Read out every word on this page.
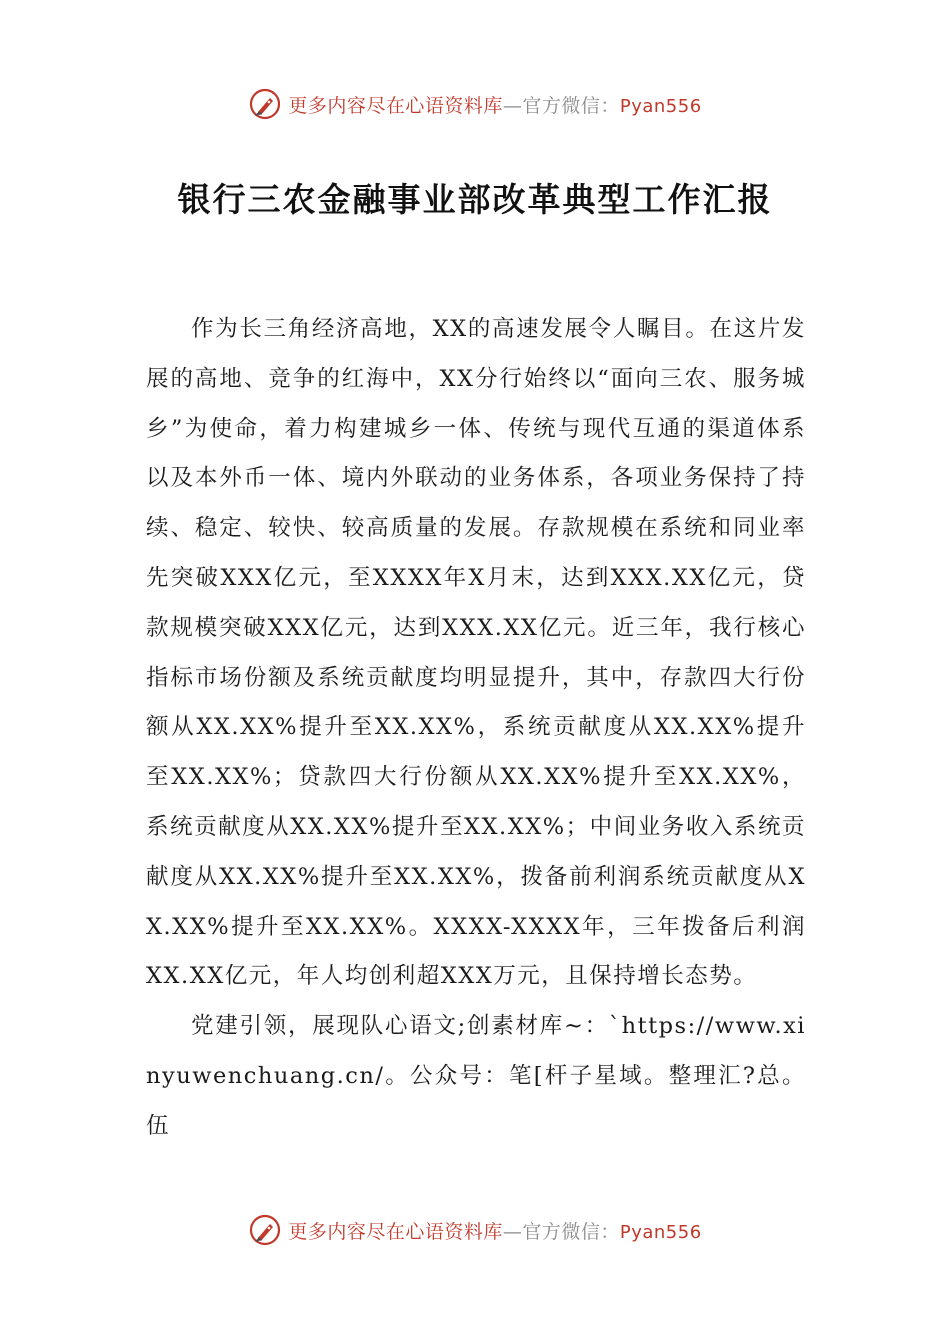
更多内容尽在心语资料库—官方微信：Pyan556
银行三农金融事业部改革典型工作汇报

作为长三角经济高地，XX的高速发展令人瞩目。在这片发展的高地、竞争的红海中，XX分行始终以“面向三农、服务城乡”为使命，着力构建城乡一体、传统与现代互通的渠道体系以及本外币一体、境内外联动的业务体系，各项业务保持了持续、稳定、较快、较高质量的发展。存款规模在系统和同业率先突破XXX亿元，至XXXX年X月末，达到XXX.XX亿元，贷款规模突破XXX亿元，达到XXX.XX亿元。近三年，我行核心指标市场份额及系统贡献度均明显提升，其中，存款四大行份额从XX.XX%提升至XX.XX%，系统贡献度从XX.XX%提升至XX.XX%；贷款四大行份额从XX.XX%提升至XX.XX%，系统贡献度从XX.XX%提升至XX.XX%；中间业务收入系统贡献度从XX.XX%提升至XX.XX%，拨备前利润系统贡献度从XX.XX%提升至XX.XX%。XXXX-XXXX年，三年拨备后利润XX.XX亿元，年人均创利超XXX万元，且保持增长态势。

党建引领，展现队心语文;创素材库~：`https://www.xinyuwenchuang.cn/。公众号：笔[杆子星域。整理汇?总。伍

更多内容尽在心语资料库—官方微信：Pyan556
